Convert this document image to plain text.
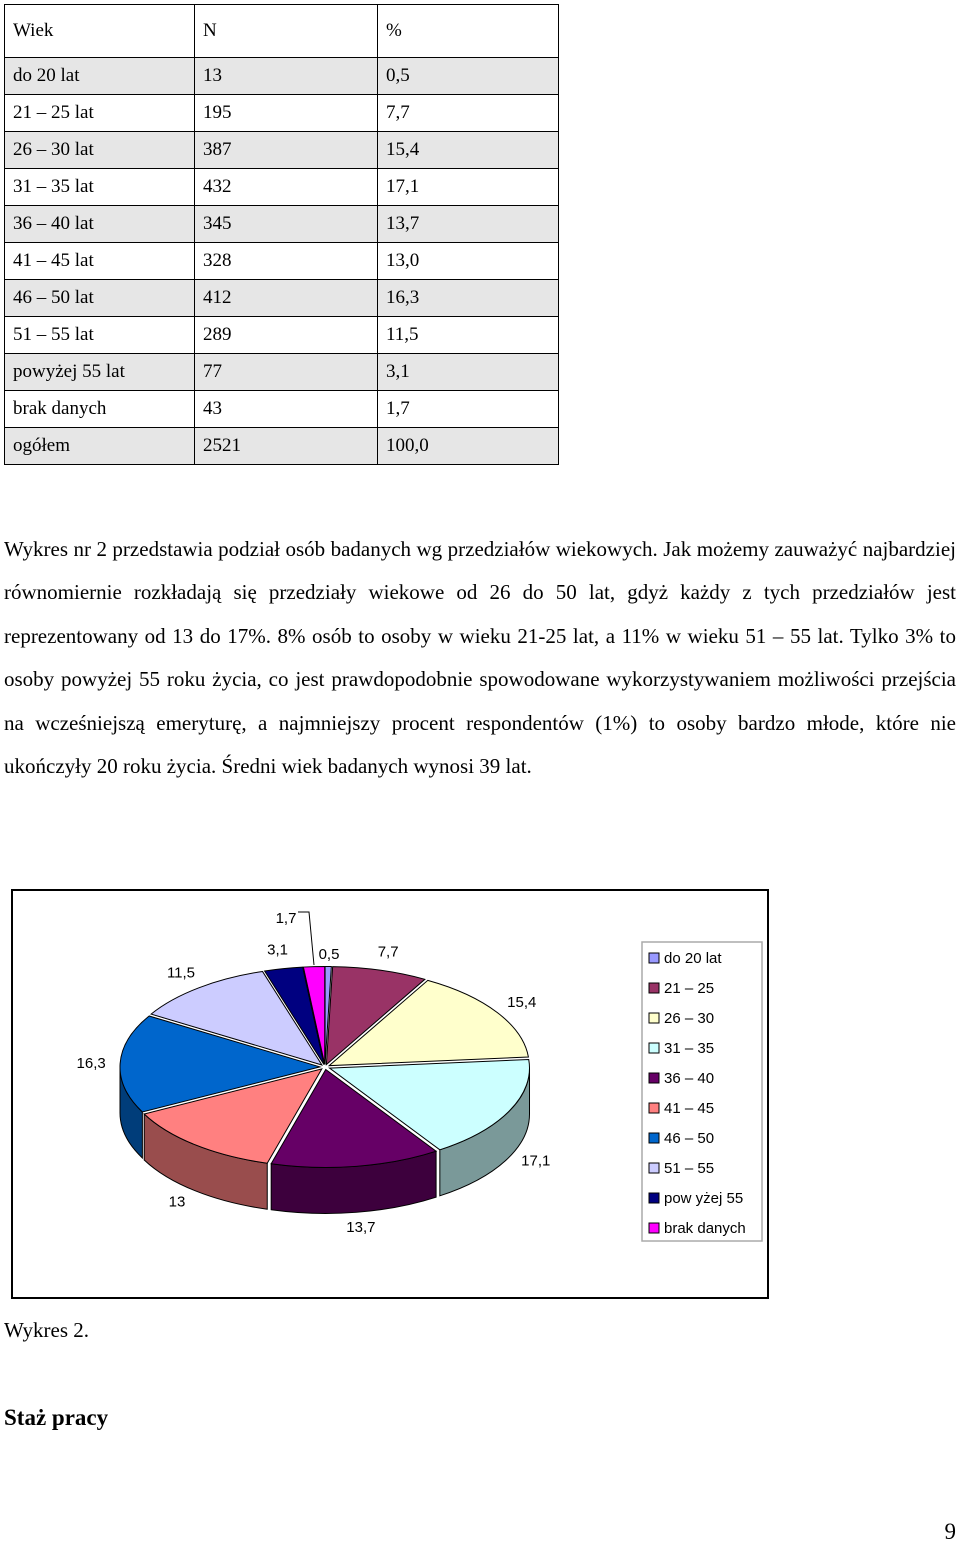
Wiek	N	%
do 20 lat	13	0,5
21 – 25 lat	195	7,7
26 – 30 lat	387	15,4
31 – 35 lat	432	17,1
36 – 40 lat	345	13,7
41 – 45 lat	328	13,0
46 – 50 lat	412	16,3
51 – 55 lat	289	11,5
powyżej 55 lat	77	3,1
brak danych	43	1,7
ogółem	2521	100,0

Wykres nr 2 przedstawia podział osób badanych wg przedziałów wiekowych. Jak możemy zauważyć najbardziej równomiernie rozkładają się przedziały wiekowe od 26 do 50 lat, gdyż każdy z tych przedziałów jest reprezentowany od 13 do 17%. 8% osób to osoby w wieku 21-25 lat, a 11% w wieku 51 – 55 lat. Tylko 3% to osoby powyżej 55 roku życia, co jest prawdopodobnie spowodowane wykorzystywaniem możliwości przejścia na wcześniejszą emeryturę, a najmniejszy procent respondentów (1%) to osoby bardzo młode, które nie ukończyły 20 roku życia. Średni wiek badanych wynosi 39 lat.

0,5	7,7
15,4
17,1
13,7
13
16,3
11,5
3,1
1,7
do 20 lat
21 – 25
26 – 30
31 – 35
36 – 40
41 – 45
46 – 50
51 – 55
pow yżej 55
brak danych

Wykres 2.

Staż pracy

9
